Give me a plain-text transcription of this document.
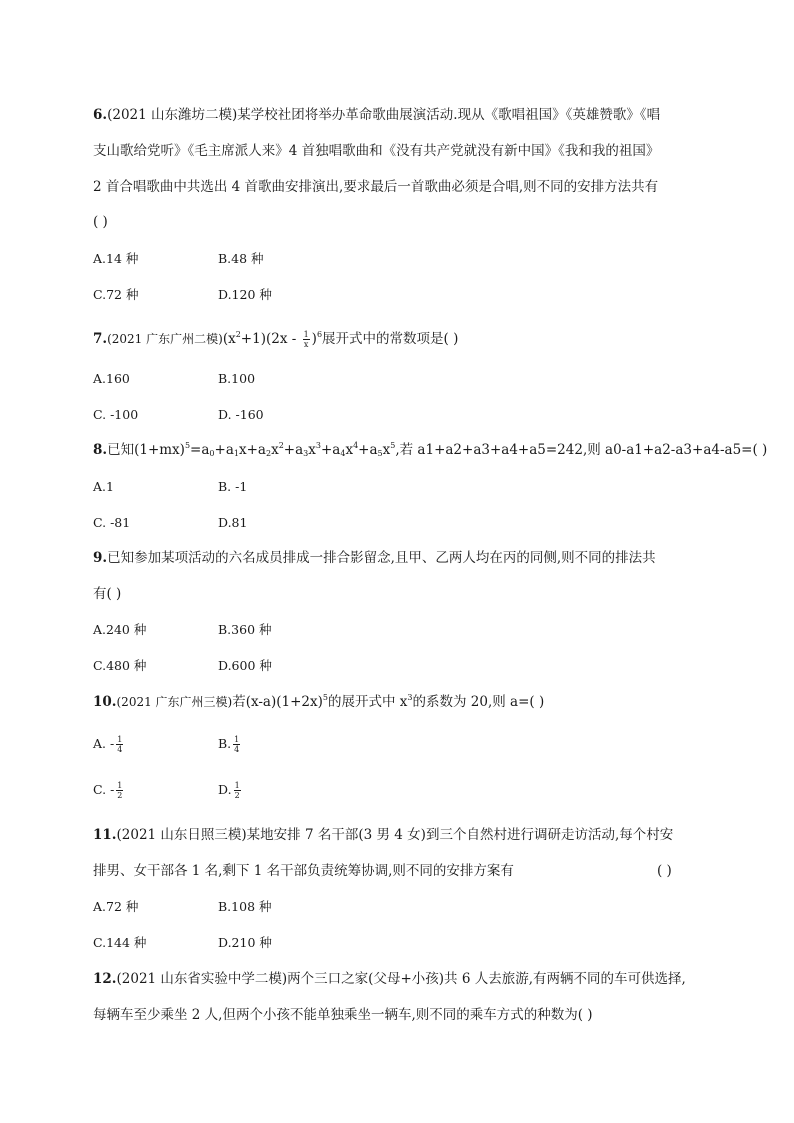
6.(2021 山东潍坊二模)某学校社团将举办革命歌曲展演活动.现从《歌唱祖国》《英雄赞歌》《唱
支山歌给党听》《毛主席派人来》4 首独唱歌曲和《没有共产党就没有新中国》《我和我的祖国》
2 首合唱歌曲中共选出 4 首歌曲安排演出,要求最后一首歌曲必须是合唱,则不同的安排方法共有
( )
A.14 种	B.48 种
C.72 种	D.120 种
7.(2021 广东广州二模)$(x^2+1)(2x - \frac{1}{x} )^6$展开式中的常数项是( )
A.160	B.100
C. -100	D. -160
8.已知$(1+mx)^5=a_0+a_1x+a_2x^2+a_3x^3+a_4x^4+a_5x^5$,若 a1+a2+a3+a4+a5=242,则 a0-a1+a2-a3+a4-a5=( )
A.1	B. -1
C. -81	D.81
9.已知参加某项活动的六名成员排成一排合影留念,且甲、乙两人均在丙的同侧,则不同的排法共
有( )
A.240 种	B.360 种
C.480 种	D.600 种
10.(2021 广东广州三模)若$(x-a)(1+2x)^5$的展开式中 $x^3$的系数为 20,则 a=( )
A. - $\frac{1}{4}$	B. $\frac{1}{4}$
C. - $\frac{1}{2}$	D. $\frac{1}{2}$
11.(2021 山东日照三模)某地安排 7 名干部(3 男 4 女)到三个自然村进行调研走访活动,每个村安
排男、女干部各 1 名,剩下 1 名干部负责统筹协调,则不同的安排方案有	( )
A.72 种	B.108 种
C.144 种	D.210 种
12.(2021 山东省实验中学二模)两个三口之家(父母+小孩)共 6 人去旅游,有两辆不同的车可供选择,
每辆车至少乘坐 2 人,但两个小孩不能单独乘坐一辆车,则不同的乘车方式的种数为( )
